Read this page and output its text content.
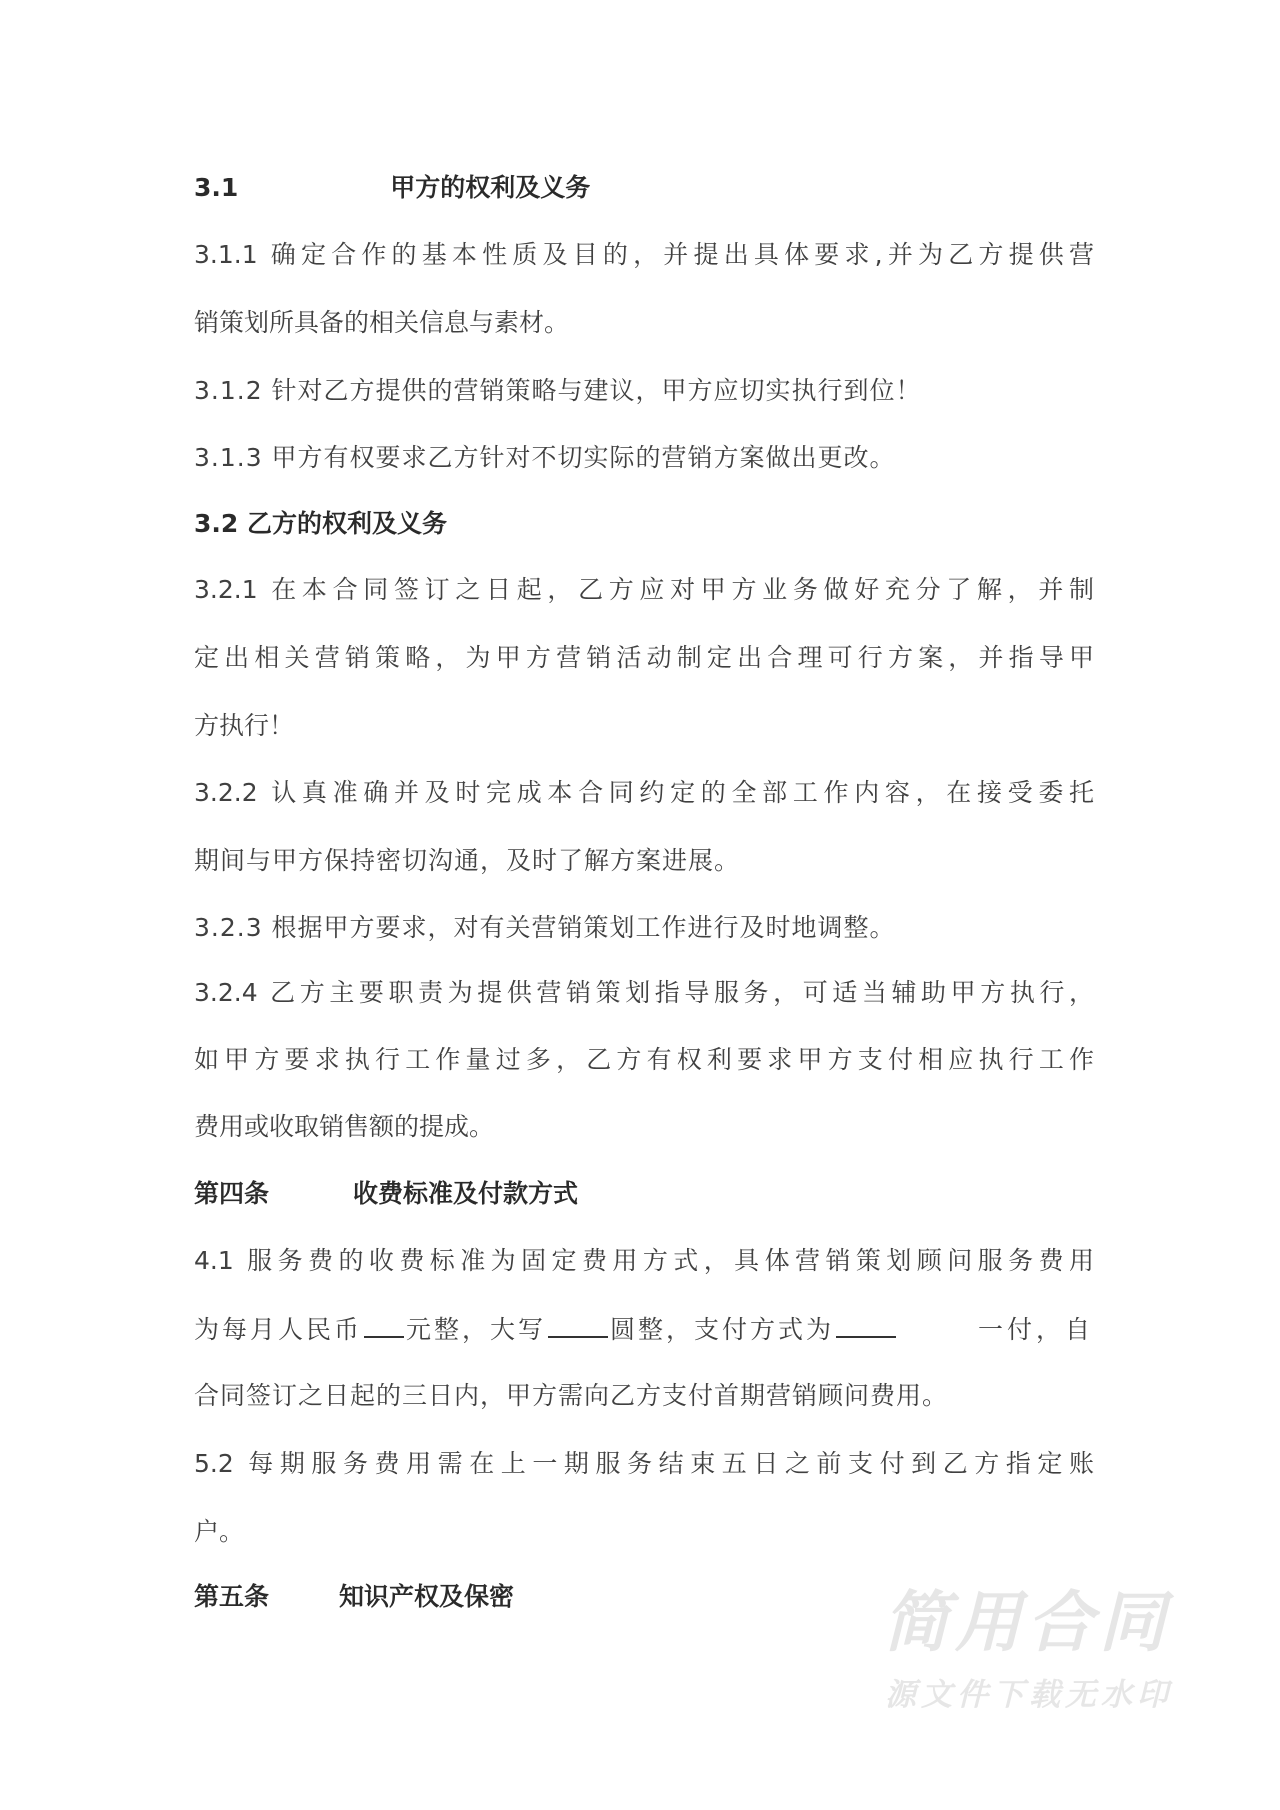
3.1	甲方的权利及义务
3.1.1 确定合作的基本性质及目的，并提出具体要求,并为乙方提供营
销策划所具备的相关信息与素材。
3.1.2 针对乙方提供的营销策略与建议，甲方应切实执行到位！
3.1.3 甲方有权要求乙方针对不切实际的营销方案做出更改。
3.2 乙方的权利及义务
3.2.1 在本合同签订之日起，乙方应对甲方业务做好充分了解，并制
定出相关营销策略，为甲方营销活动制定出合理可行方案，并指导甲
方执行！
3.2.2 认真准确并及时完成本合同约定的全部工作内容，在接受委托
期间与甲方保持密切沟通，及时了解方案进展。
3.2.3 根据甲方要求，对有关营销策划工作进行及时地调整。
3.2.4 乙方主要职责为提供营销策划指导服务，可适当辅助甲方执行，
如甲方要求执行工作量过多，乙方有权利要求甲方支付相应执行工作
费用或收取销售额的提成。
第四条	收费标准及付款方式
4.1 服务费的收费标准为固定费用方式，具体营销策划顾问服务费用
为每月人民币 元整，大写	圆整，支付方式为	一付，自
合同签订之日起的三日内，甲方需向乙方支付首期营销顾问费用。
5.2 每期服务费用需在上一期服务结束五日之前支付到乙方指定账
户。
第五条	知识产权及保密	简用合同
源文件下载无水印
